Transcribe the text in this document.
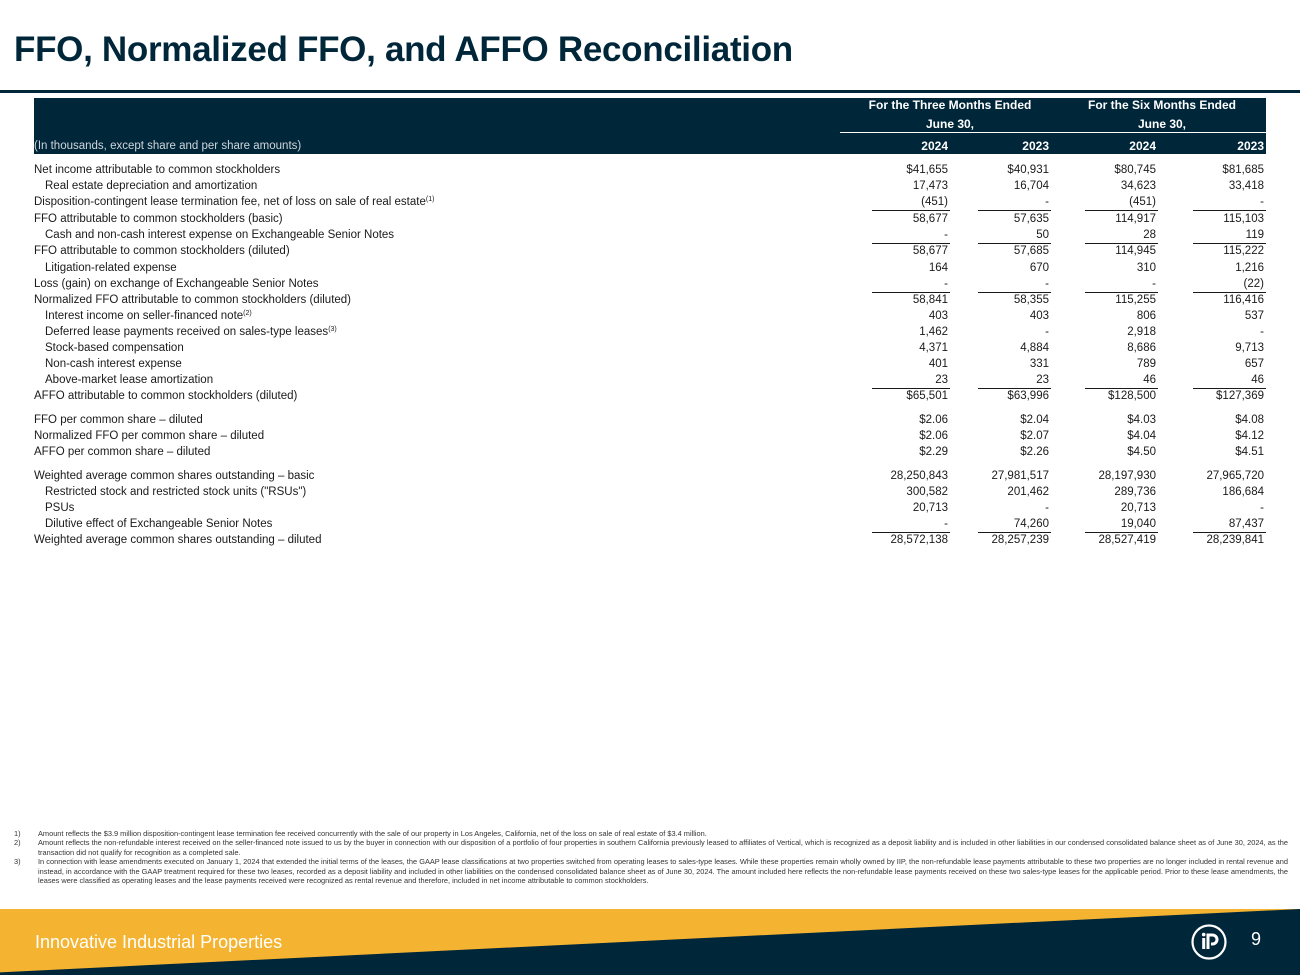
FFO, Normalized FFO, and AFFO Reconciliation
For the Three Months Ended
June 30,
For the Six Months Ended
June 30,
(In thousands, except share and per share amounts)	2024	2023	2024	2023
Net income attributable to common stockholders	$41,655	$40,931	$80,745	$81,685
Real estate depreciation and amortization	17,473	16,704	34,623	33,418
Disposition-contingent lease termination fee, net of loss on sale of real estate$^{(1)}$	(451)	-	(451)	-
FFO attributable to common stockholders (basic)	58,677	57,635	114,917	115,103
Cash and non-cash interest expense on Exchangeable Senior Notes	-	50	28	119
FFO attributable to common stockholders (diluted)	58,677	57,685	114,945	115,222
Litigation-related expense	164	670	310	1,216
Loss (gain) on exchange of Exchangeable Senior Notes	-	-	-	(22)
Normalized FFO attributable to common stockholders (diluted)	58,841	58,355	115,255	116,416
Interest income on seller-financed note$^{(2)}$	403	403	806	537
Deferred lease payments received on sales-type leases$^{(3)}$	1,462	-	2,918	-
Stock-based compensation	4,371	4,884	8,686	9,713
Non-cash interest expense	401	331	789	657
Above-market lease amortization	23	23	46	46
AFFO attributable to common stockholders (diluted)	$65,501	$63,996	$128,500	$127,369
FFO per common share – diluted	$2.06	$2.04	$4.03	$4.08
Normalized FFO per common share – diluted	$2.06	$2.07	$4.04	$4.12
AFFO per common share – diluted	$2.29	$2.26	$4.50	$4.51
Weighted average common shares outstanding – basic	28,250,843	27,981,517	28,197,930	27,965,720
Restricted stock and restricted stock units ("RSUs")	300,582	201,462	289,736	186,684
PSUs	20,713	-	20,713	-
Dilutive effect of Exchangeable Senior Notes	-	74,260	19,040	87,437
Weighted average common shares outstanding – diluted	28,572,138	28,257,239	28,527,419	28,239,841
1) Amount reflects the $3.9 million disposition-contingent lease termination fee received concurrently with the sale of our property in Los Angeles, California, net of the loss on sale of real estate of $3.4 million.
2) Amount reflects the non-refundable interest received on the seller-financed note issued to us by the buyer in connection with our disposition of a portfolio of four properties in southern California previously leased to affiliates of Vertical, which is recognized as a deposit liability and is included in other liabilities in our condensed consolidated balance sheet as of June 30, 2024, as the transaction did not qualify for recognition as a completed sale.
3) In connection with lease amendments executed on January 1, 2024 that extended the initial terms of the leases, the GAAP lease classifications at two properties switched from operating leases to sales-type leases. While these properties remain wholly owned by IIP, the non-refundable lease payments attributable to these two properties are no longer included in rental revenue and instead, in accordance with the GAAP treatment required for these two leases, recorded as a deposit liability and included in other liabilities on the condensed consolidated balance sheet as of June 30, 2024. The amount included here reflects the non-refundable lease payments received on these two sales-type leases for the applicable period. Prior to these lease amendments, the leases were classified as operating leases and the lease payments received were recognized as rental revenue and therefore, included in net income attributable to common stockholders.
Innovative Industrial Properties	9
